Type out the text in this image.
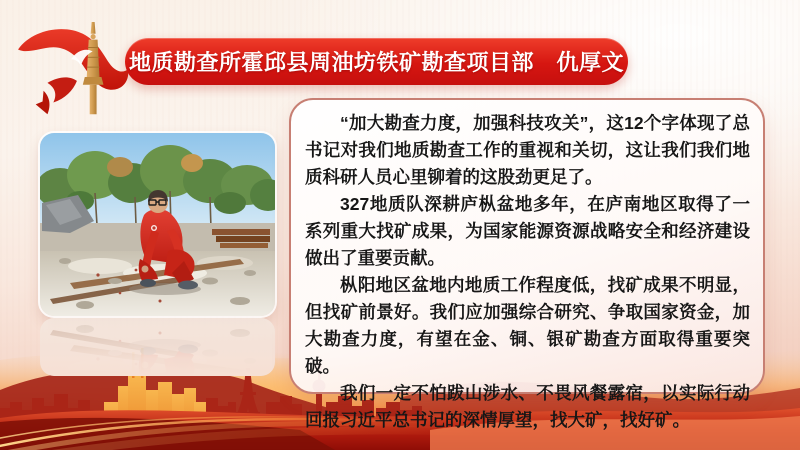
地质勘查所霍邱县周油坊铁矿勘查项目部　仇厚文

“加大勘查力度，加强科技攻关”，这12个字体现了总书记对我们地质勘查工作的重视和关切，这让我们我们地质科研人员心里铆着的这股劲更足了。

327地质队深耕庐枞盆地多年，在庐南地区取得了一系列重大找矿成果，为国家能源资源战略安全和经济建设做出了重要贡献。

枞阳地区盆地内地质工作程度低，找矿成果不明显，但找矿前景好。我们应加强综合研究、争取国家资金，加大勘查力度，有望在金、铜、银矿勘查方面取得重要突破。

我们一定不怕跋山涉水、不畏风餐露宿，以实际行动回报习近平总书记的深情厚望，找大矿，找好矿。
